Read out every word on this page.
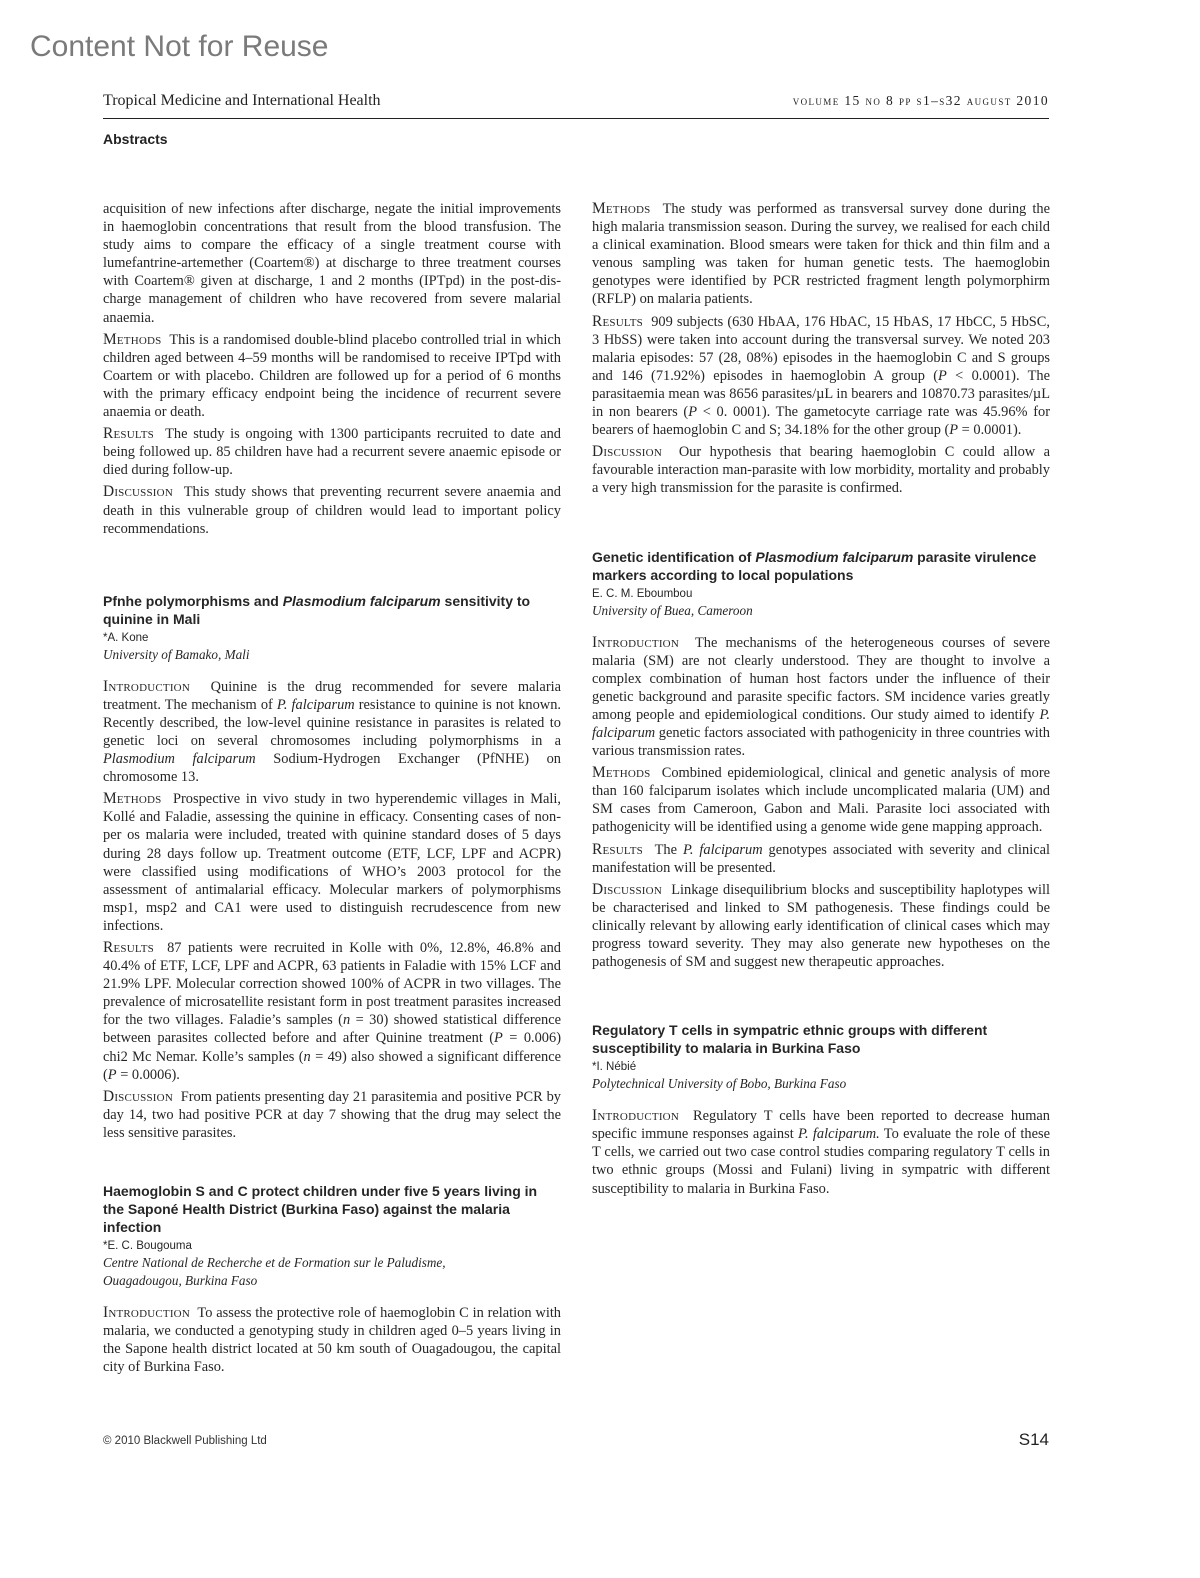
Content Not for Reuse
Tropical Medicine and International Health	volume 15 no 8 pp s1–s32 august 2010
Abstracts

acquisition of new infections after discharge, negate the initial improvements in haemoglobin concentrations that result from the blood transfusion. The study aims to compare the efficacy of a single treatment course with lumefantrine-artemether (Coartem®) at discharge to three treatment courses with Coartem® given at discharge, 1 and 2 months (IPTpd) in the post-dis-charge management of children who have recovered from severe malarial anaemia.

Methods This is a randomised double-blind placebo controlled trial in which children aged between 4–59 months will be randomised to receive IPTpd with Coartem or with placebo. Children are followed up for a period of 6 months with the primary efficacy endpoint being the incidence of recurrent severe anaemia or death.

Results The study is ongoing with 1300 participants recruited to date and being followed up. 85 children have had a recurrent severe anaemic episode or died during follow-up.

Discussion This study shows that preventing recurrent severe anaemia and death in this vulnerable group of children would lead to important policy recommendations.

Pfnhe polymorphisms and Plasmodium falciparum sensitivity to quinine in Mali
*A. Kone
University of Bamako, Mali

Introduction Quinine is the drug recommended for severe malaria treatment. The mechanism of P. falciparum resistance to quinine is not known. Recently described, the low-level quinine resistance in parasites is related to genetic loci on several chromosomes including polymorphisms in a Plasmodium falciparum Sodium-Hydrogen Exchanger (PfNHE) on chromosome 13.

Methods Prospective in vivo study in two hyperendemic villages in Mali, Kollé and Faladie, assessing the quinine in efficacy. Consenting cases of non-per os malaria were included, treated with quinine standard doses of 5 days during 28 days follow up. Treatment outcome (ETF, LCF, LPF and ACPR) were classified using modifications of WHO’s 2003 protocol for the assessment of antimalarial efficacy. Molecular markers of polymorphisms msp1, msp2 and CA1 were used to distinguish recrudescence from new infections.

Results 87 patients were recruited in Kolle with 0%, 12.8%, 46.8% and 40.4% of ETF, LCF, LPF and ACPR, 63 patients in Faladie with 15% LCF and 21.9% LPF. Molecular correction showed 100% of ACPR in two villages. The prevalence of microsatellite resistant form in post treatment parasites increased for the two villages. Faladie’s samples (n = 30) showed statistical difference between parasites collected before and after Quinine treatment (P = 0.006) chi2 Mc Nemar. Kolle’s samples (n = 49) also showed a significant difference (P = 0.0006).

Discussion From patients presenting day 21 parasitemia and positive PCR by day 14, two had positive PCR at day 7 showing that the drug may select the less sensitive parasites.

Haemoglobin S and C protect children under five 5 years living in the Saponé Health District (Burkina Faso) against the malaria infection
*E. C. Bougouma
Centre National de Recherche et de Formation sur le Paludisme,
Ouagadougou, Burkina Faso

Introduction To assess the protective role of haemoglobin C in relation with malaria, we conducted a genotyping study in children aged 0–5 years living in the Sapone health district located at 50 km south of Ouagadougou, the capital city of Burkina Faso.

Methods The study was performed as transversal survey done during the high malaria transmission season. During the survey, we realised for each child a clinical examination. Blood smears were taken for thick and thin film and a venous sampling was taken for human genetic tests. The haemoglobin genotypes were identified by PCR restricted fragment length polymorphirm (RFLP) on malaria patients.

Results 909 subjects (630 HbAA, 176 HbAC, 15 HbAS, 17 HbCC, 5 HbSC, 3 HbSS) were taken into account during the transversal survey. We noted 203 malaria episodes: 57 (28, 08%) episodes in the haemoglobin C and S groups and 146 (71.92%) episodes in haemoglobin A group (P < 0.0001). The parasitaemia mean was 8656 parasites/µL in bearers and 10870.73 parasites/µL in non bearers (P < 0. 0001). The gametocyte carriage rate was 45.96% for bearers of haemoglobin C and S; 34.18% for the other group (P = 0.0001).

Discussion Our hypothesis that bearing haemoglobin C could allow a favourable interaction man-parasite with low morbidity, mortality and probably a very high transmission for the parasite is confirmed.

Genetic identification of Plasmodium falciparum parasite virulence markers according to local populations
E. C. M. Eboumbou
University of Buea, Cameroon

Introduction The mechanisms of the heterogeneous courses of severe malaria (SM) are not clearly understood. They are thought to involve a complex combination of human host factors under the influence of their genetic background and parasite specific factors. SM incidence varies greatly among people and epidemiological conditions. Our study aimed to identify P. falciparum genetic factors associated with pathogenicity in three countries with various transmission rates.

Methods Combined epidemiological, clinical and genetic analysis of more than 160 falciparum isolates which include uncomplicated malaria (UM) and SM cases from Cameroon, Gabon and Mali. Parasite loci associated with pathogenicity will be identified using a genome wide gene mapping approach.

Results The P. falciparum genotypes associated with severity and clinical manifestation will be presented.

Discussion Linkage disequilibrium blocks and susceptibility haplotypes will be characterised and linked to SM pathogenesis. These findings could be clinically relevant by allowing early identification of clinical cases which may progress toward severity. They may also generate new hypotheses on the pathogenesis of SM and suggest new therapeutic approaches.

Regulatory T cells in sympatric ethnic groups with different susceptibility to malaria in Burkina Faso
*I. Nébié
Polytechnical University of Bobo, Burkina Faso

Introduction Regulatory T cells have been reported to decrease human specific immune responses against P. falciparum. To evaluate the role of these T cells, we carried out two case control studies comparing regulatory T cells in two ethnic groups (Mossi and Fulani) living in sympatric with different susceptibility to malaria in Burkina Faso.

© 2010 Blackwell Publishing Ltd	S14
